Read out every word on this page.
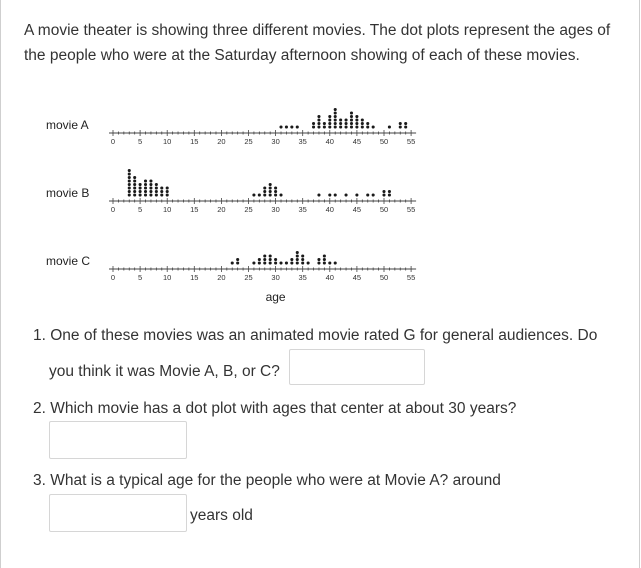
A movie theater is showing three different movies. The dot plots represent the ages of the people who were at the Saturday afternoon showing of each of these movies.
movie A
0	5	10	15	20	25	30	35	40	45	50	55
movie B
0	5	10	15	20	25	30	35	40	45	50	55
movie C
0	5	10	15	20	25	30	35	40	45	50	55
age
1. One of these movies was an animated movie rated G for general audiences. Do
you think it was Movie A, B, or C?
2. Which movie has a dot plot with ages that center at about 30 years?
3. What is a typical age for the people who were at Movie A? around
years old
